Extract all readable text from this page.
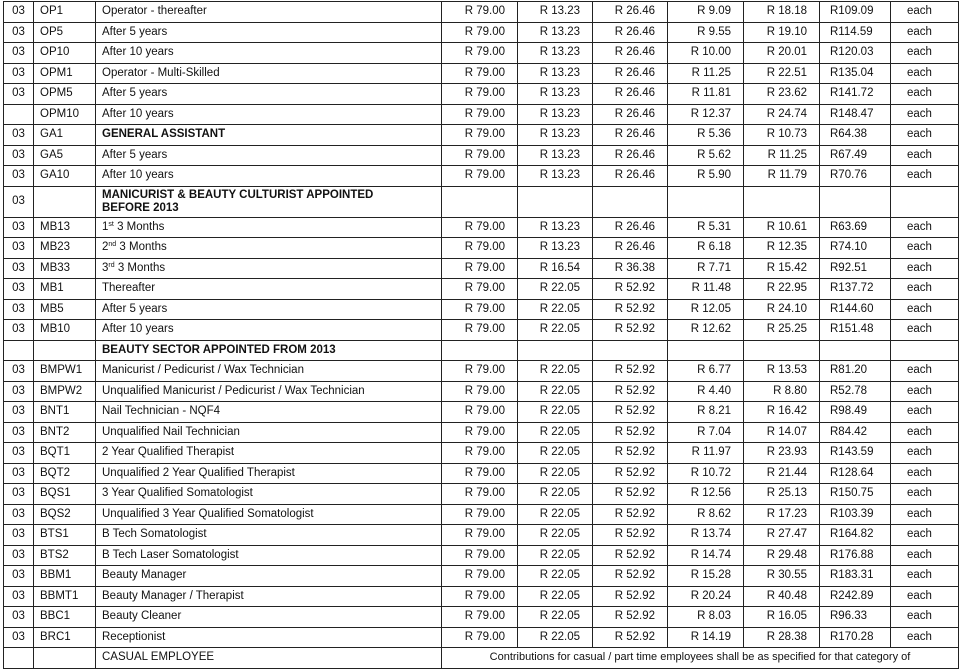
03	OP1	Operator - thereafter	R 79.00	R 13.23	R 26.46	R 9.09	R 18.18	R109.09	each
03	OP5	After 5 years	R 79.00	R 13.23	R 26.46	R 9.55	R 19.10	R114.59	each
03	OP10	After 10 years	R 79.00	R 13.23	R 26.46	R 10.00	R 20.01	R120.03	each
03	OPM1	Operator - Multi-Skilled	R 79.00	R 13.23	R 26.46	R 11.25	R 22.51	R135.04	each
03	OPM5	After 5 years	R 79.00	R 13.23	R 26.46	R 11.81	R 23.62	R141.72	each
	OPM10	After 10 years	R 79.00	R 13.23	R 26.46	R 12.37	R 24.74	R148.47	each
03	GA1	GENERAL ASSISTANT	R 79.00	R 13.23	R 26.46	R 5.36	R 10.73	R64.38	each
03	GA5	After 5 years	R 79.00	R 13.23	R 26.46	R 5.62	R 11.25	R67.49	each
03	GA10	After 10 years	R 79.00	R 13.23	R 26.46	R 5.90	R 11.79	R70.76	each
03		MANICURIST & BEAUTY CULTURIST APPOINTED
BEFORE 2013							

03	MB13	1st 3 Months	R 79.00	R 13.23	R 26.46	R 5.31	R 10.61	R63.69	each
03	MB23	2nd 3 Months	R 79.00	R 13.23	R 26.46	R 6.18	R 12.35	R74.10	each
03	MB33	3rd 3 Months	R 79.00	R 16.54	R 36.38	R 7.71	R 15.42	R92.51	each
03	MB1	Thereafter	R 79.00	R 22.05	R 52.92	R 11.48	R 22.95	R137.72	each
03	MB5	After 5 years	R 79.00	R 22.05	R 52.92	R 12.05	R 24.10	R144.60	each
03	MB10	After 10 years	R 79.00	R 22.05	R 52.92	R 12.62	R 25.25	R151.48	each

		BEAUTY SECTOR APPOINTED FROM 2013							

03	BMPW1	Manicurist / Pedicurist / Wax Technician	R 79.00	R 22.05	R 52.92	R 6.77	R 13.53	R81.20	each
03	BMPW2	Unqualified Manicurist / Pedicurist / Wax Technician	R 79.00	R 22.05	R 52.92	R 4.40	R 8.80	R52.78	each
03	BNT1	Nail Technician - NQF4	R 79.00	R 22.05	R 52.92	R 8.21	R 16.42	R98.49	each
03	BNT2	Unqualified Nail Technician	R 79.00	R 22.05	R 52.92	R 7.04	R 14.07	R84.42	each
03	BQT1	2 Year Qualified Therapist	R 79.00	R 22.05	R 52.92	R 11.97	R 23.93	R143.59	each
03	BQT2	Unqualified 2 Year Qualified Therapist	R 79.00	R 22.05	R 52.92	R 10.72	R 21.44	R128.64	each
03	BQS1	3 Year Qualified Somatologist	R 79.00	R 22.05	R 52.92	R 12.56	R 25.13	R150.75	each
03	BQS2	Unqualified 3 Year Qualified Somatologist	R 79.00	R 22.05	R 52.92	R 8.62	R 17.23	R103.39	each
03	BTS1	B Tech Somatologist	R 79.00	R 22.05	R 52.92	R 13.74	R 27.47	R164.82	each
03	BTS2	B Tech Laser Somatologist	R 79.00	R 22.05	R 52.92	R 14.74	R 29.48	R176.88	each
03	BBM1	Beauty Manager	R 79.00	R 22.05	R 52.92	R 15.28	R 30.55	R183.31	each
03	BBMT1	Beauty Manager / Therapist	R 79.00	R 22.05	R 52.92	R 20.24	R 40.48	R242.89	each
03	BBC1	Beauty Cleaner	R 79.00	R 22.05	R 52.92	R 8.03	R 16.05	R96.33	each
03	BRC1	Receptionist	R 79.00	R 22.05	R 52.92	R 14.19	R 28.38	R170.28	each
		CASUAL EMPLOYEE	Contributions for casual / part time employees shall be as specified for that category of						
